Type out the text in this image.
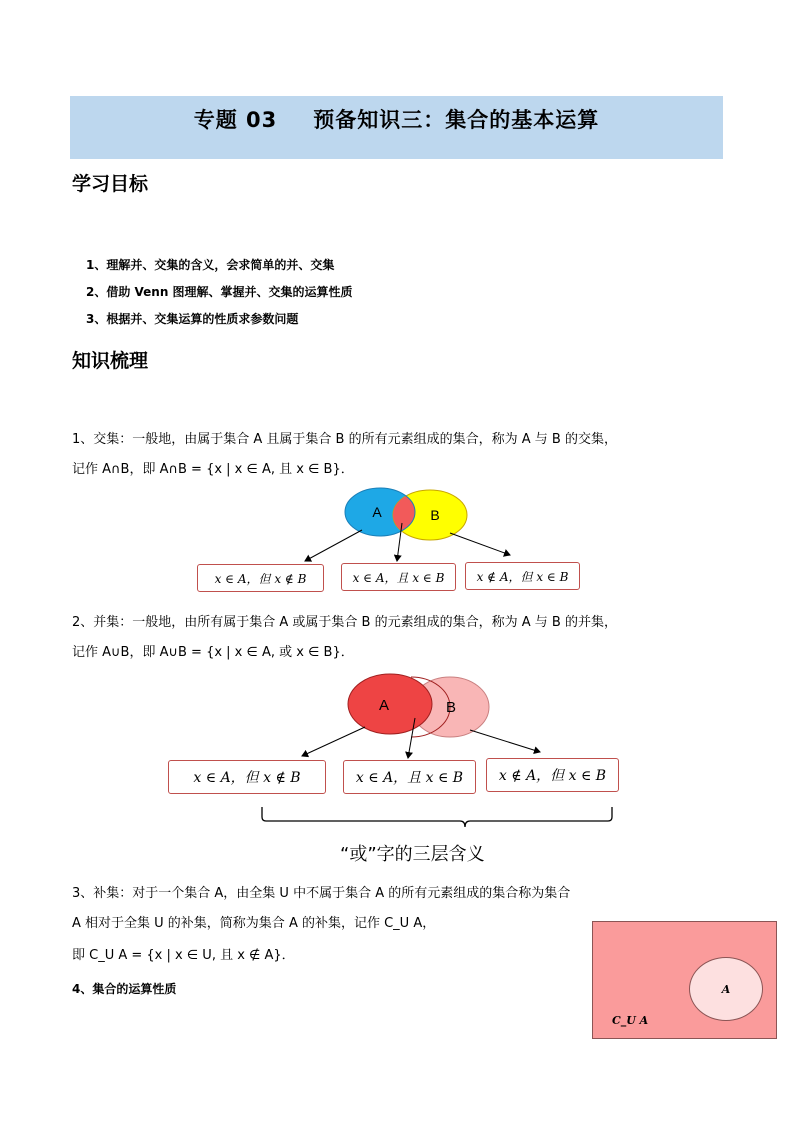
专题 03 预备知识三：集合的基本运算
学习目标
1、理解并、交集的含义，会求简单的并、交集
2、借助 Venn 图理解、掌握并、交集的运算性质
3、根据并、交集运算的性质求参数问题
知识梳理
1、交集：一般地，由属于集合 A 且属于集合 B 的所有元素组成的集合，称为 A 与 B 的交集，
记作 A∩B，即 A∩B = {x | x ∈ A, 且 x ∈ B}．
A	B
x ∈ A，但 x ∉ B	x ∈ A，且 x ∈ B	x ∉ A，但 x ∈ B
2、并集：一般地，由所有属于集合 A 或属于集合 B 的元素组成的集合，称为 A 与 B 的并集，
记作 A∪B，即 A∪B = {x | x ∈ A, 或 x ∈ B}．
A	B
x ∈ A，但 x ∉ B	x ∈ A，且 x ∈ B	x ∉ A，但 x ∈ B
“或”字的三层含义
3、补集：对于一个集合 A，由全集 U 中不属于集合 A 的所有元素组成的集合称为集合
A 相对于全集 U 的补集，简称为集合 A 的补集，记作 C_U A，
即 C_U A = {x | x ∈ U, 且 x ∉ A}．
4、集合的运算性质	A
C_U A
